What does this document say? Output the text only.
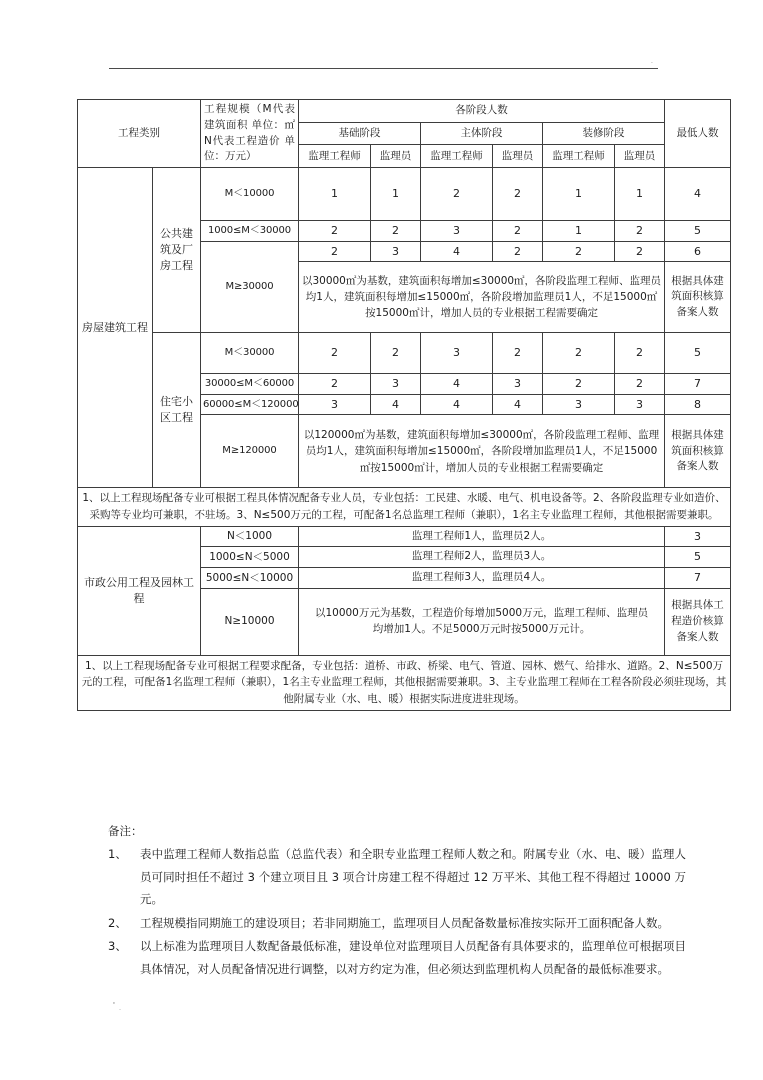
·
工程类别		工程规模（M代表建筑面积 单位：㎡ N代表工程造价 单位：万元）	各阶段人数						最低人数
			基础阶段		主体阶段		装修阶段		
			监理工程师	监理员	监理工程师	监理员	监理工程师	监理员	
房屋建筑工程	公共建筑及厂房工程	M＜10000	1	1	2	2	1	1	4
		1000≤M＜30000	2	2	3	2	1	2	5
		M≥30000	2	3	4	2	2	2	6
			以30000㎡为基数，建筑面积每增加≤30000㎡，各阶段监理工程师、监理员均1人，建筑面积每增加≤15000㎡，各阶段增加监理员1人，不足15000㎡按15000㎡计，增加人员的专业根据工程需要确定						根据具体建筑面积核算备案人数
	住宅小区工程	M＜30000	2	2	3	2	2	2	5
		30000≤M＜60000	2	3	4	3	2	2	7
		60000≤M＜120000	3	4	4	4	3	3	8
		M≥120000	以120000㎡为基数，建筑面积每增加≤30000㎡，各阶段监理工程师、监理员均1人，建筑面积每增加≤15000㎡，各阶段增加监理员1人，不足15000㎡按15000㎡计，增加人员的专业根据工程需要确定						根据具体建筑面积核算备案人数
1、以上工程现场配备专业可根据工程具体情况配备专业人员，专业包括：工民建、水暖、电气、机电设备等。2、各阶段监理专业如造价、采购等专业均可兼职，不驻场。3、N≤500万元的工程，可配备1名总监理工程师（兼职），1名主专业监理工程师，其他根据需要兼职。									
市政公用工程及园林工程		N＜1000	监理工程师1人，监理员2人。						3
		1000≤N＜5000	监理工程师2人，监理员3人。						5
		5000≤N＜10000	监理工程师3人，监理员4人。						7
		N≥10000	以10000万元为基数，工程造价每增加5000万元，监理工程师、监理员均增加1人。不足5000万元时按5000万元计。						根据具体工程造价核算备案人数
1、以上工程现场配备专业可根据工程要求配备，专业包括：道桥、市政、桥梁、电气、管道、园林、燃气、给排水、道路。2、N≤500万元的工程，可配备1名监理工程师（兼职），1名主专业监理工程师，其他根据需要兼职。3、主专业监理工程师在工程各阶段必须驻现场，其他附属专业（水、电、暖）根据实际进度进驻现场。									
备注：
1、	表中监理工程师人数指总监（总监代表）和全职专业监理工程师人数之和。附属专业（水、电、暖）监理人员可同时担任不超过 3 个建立项目且 3 项合计房建工程不得超过 12 万平米、其他工程不得超过 10000 万元。
2、	工程规模指同期施工的建设项目；若非同期施工，监理项目人员配备数量标准按实际开工面积配备人数。
3、	以上标准为监理项目人数配备最低标准，建设单位对监理项目人员配备有具体要求的，监理单位可根据项目具体情况，对人员配备情况进行调整，以对方约定为准，但必须达到监理机构人员配备的最低标准要求。
'
¨
